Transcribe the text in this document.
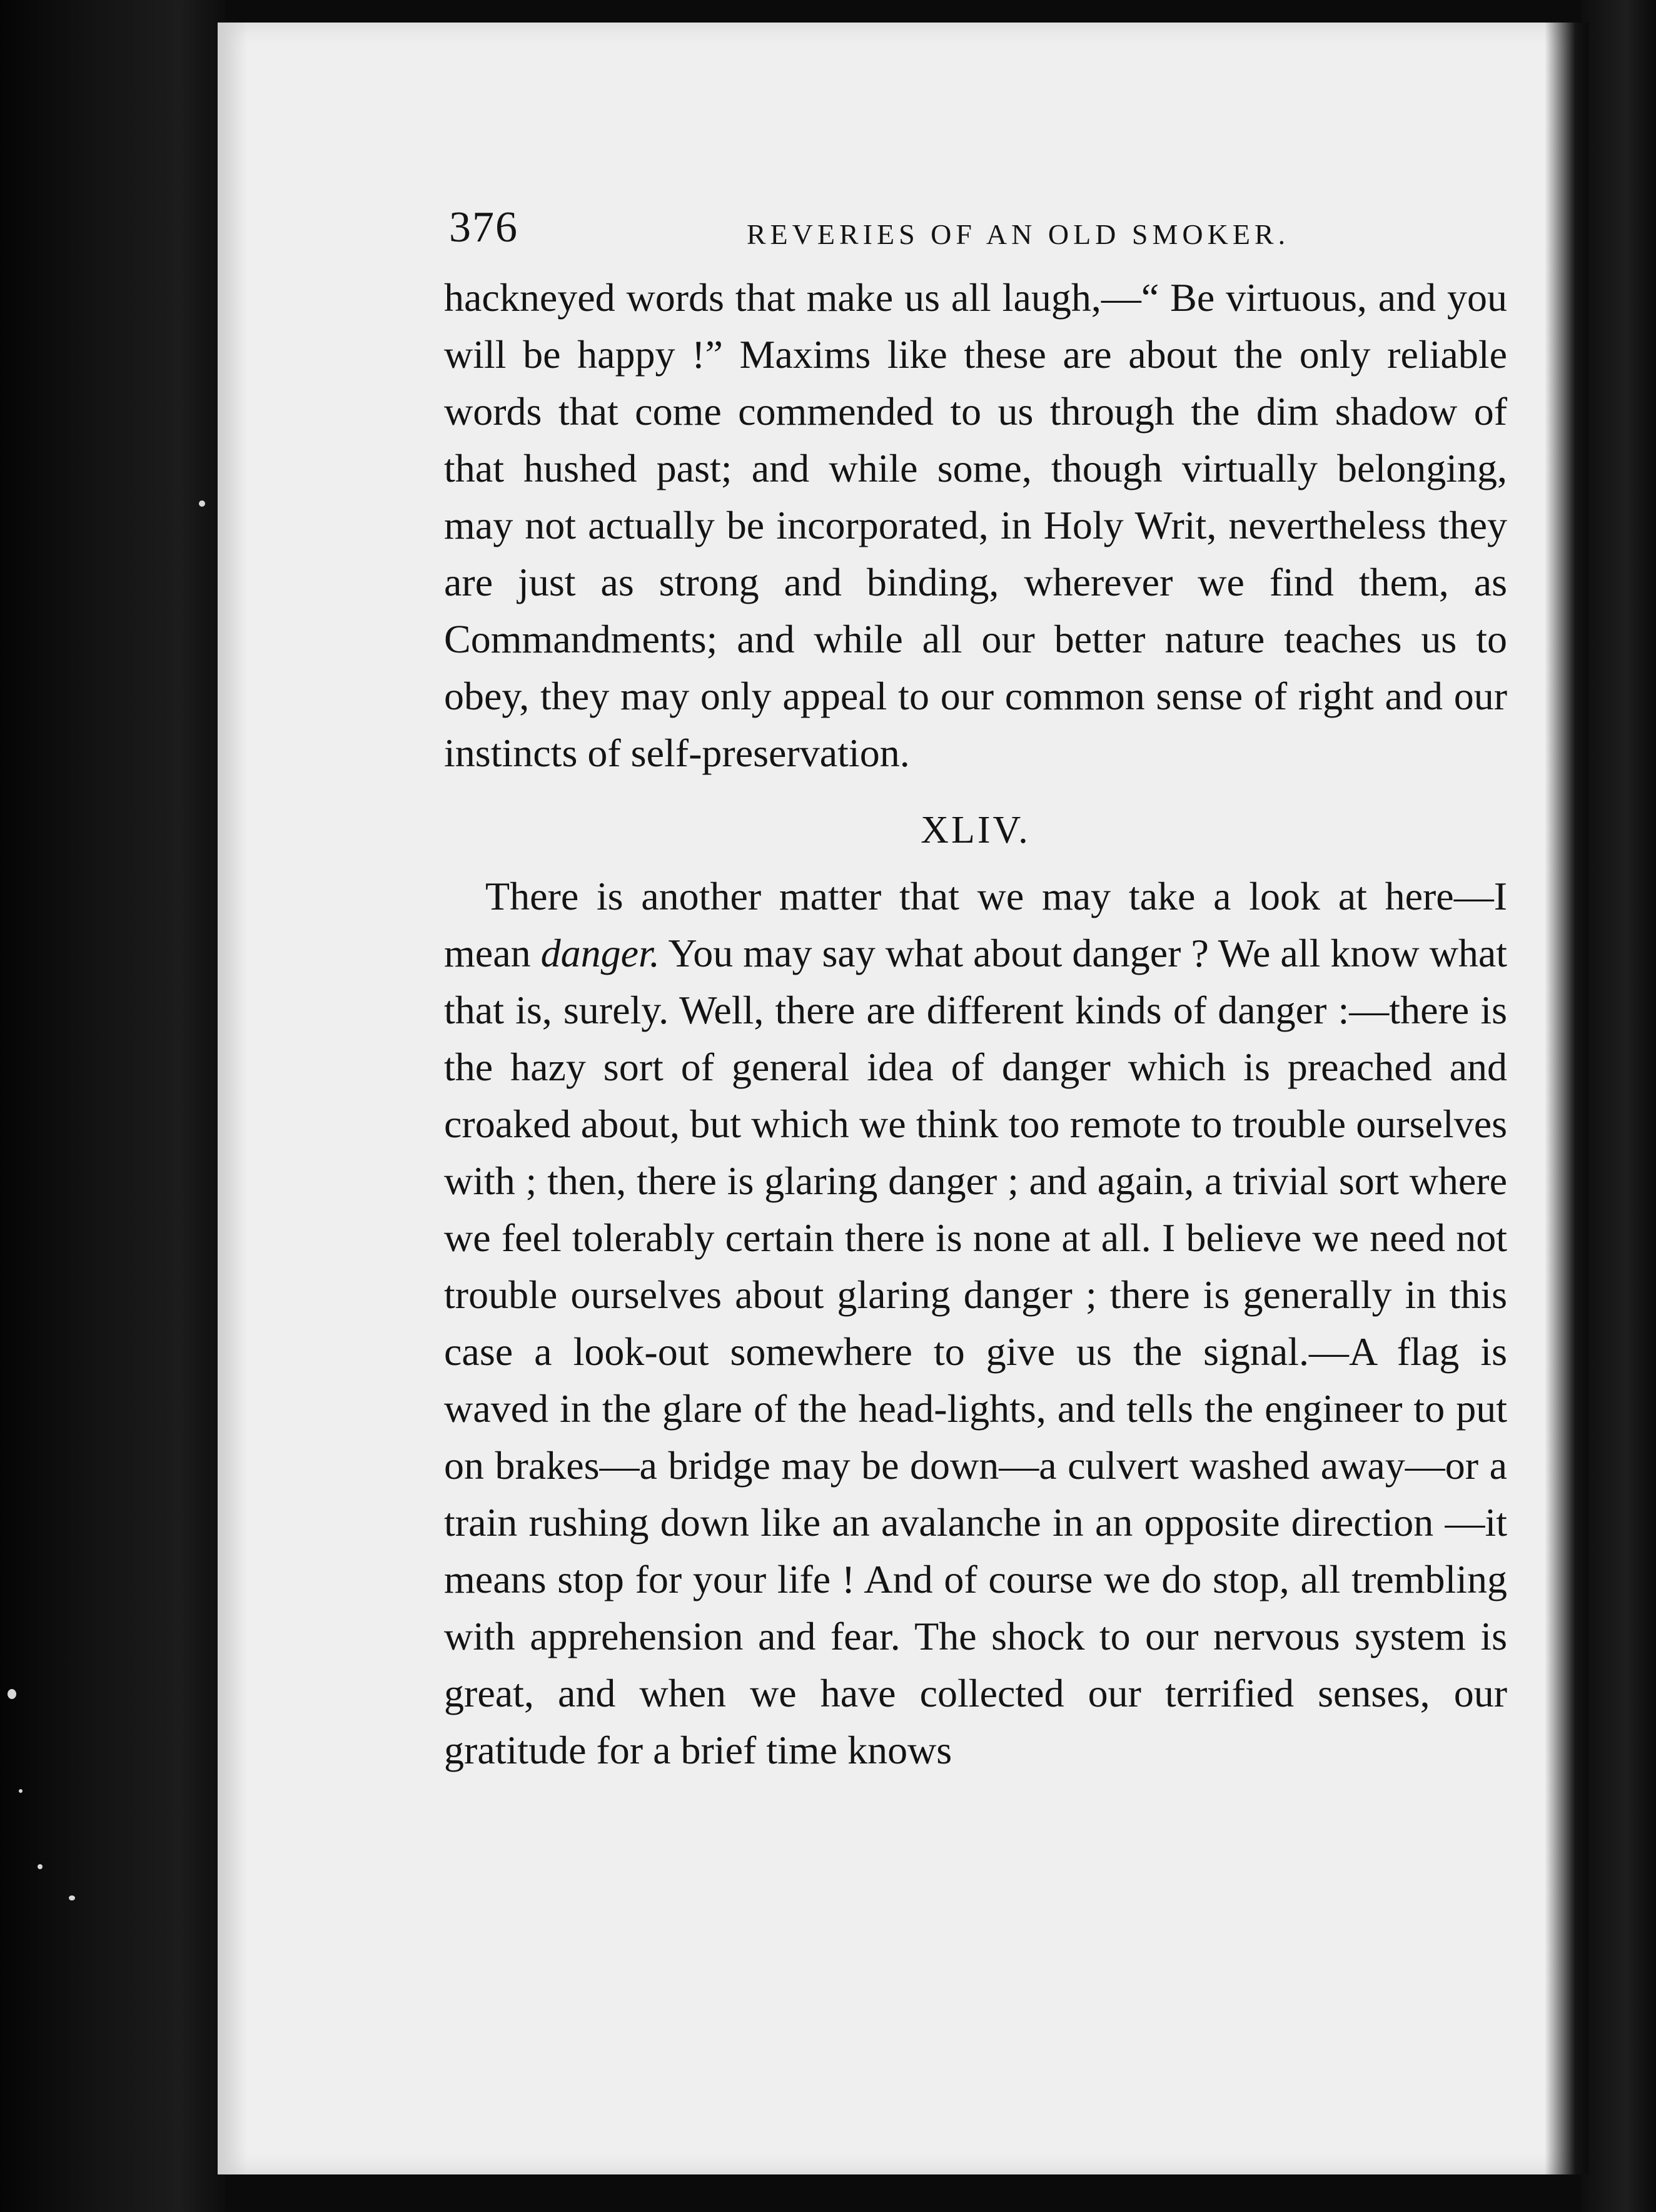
376	REVERIES OF AN OLD SMOKER.

hackneyed words that make us all laugh,—“ Be virtuous, and you will be happy !” Maxims like these are about the only reliable words that come commended to us through the dim shadow of that hushed past; and while some, though virtually belonging, may not actually be incorporated, in Holy Writ, nevertheless they are just as strong and binding, wherever we find them, as Commandments; and while all our better nature teaches us to obey, they may only appeal to our common sense of right and our instincts of self-preservation.

XLIV.

There is another matter that we may take a look at here—I mean danger. You may say what about danger ? We all know what that is, surely. Well, there are different kinds of danger :—there is the hazy sort of general idea of danger which is preached and croaked about, but which we think too remote to trouble ourselves with ; then, there is glaring danger ; and again, a trivial sort where we feel tolerably certain there is none at all. I believe we need not trouble ourselves about glaring danger ; there is generally in this case a look-out somewhere to give us the signal.—A flag is waved in the glare of the head-lights, and tells the engineer to put on brakes—a bridge may be down—a culvert washed away—or a train rushing down like an avalanche in an opposite direction —it means stop for your life ! And of course we do stop, all trembling with apprehension and fear. The shock to our nervous system is great, and when we have collected our terrified senses, our gratitude for a brief time knows
